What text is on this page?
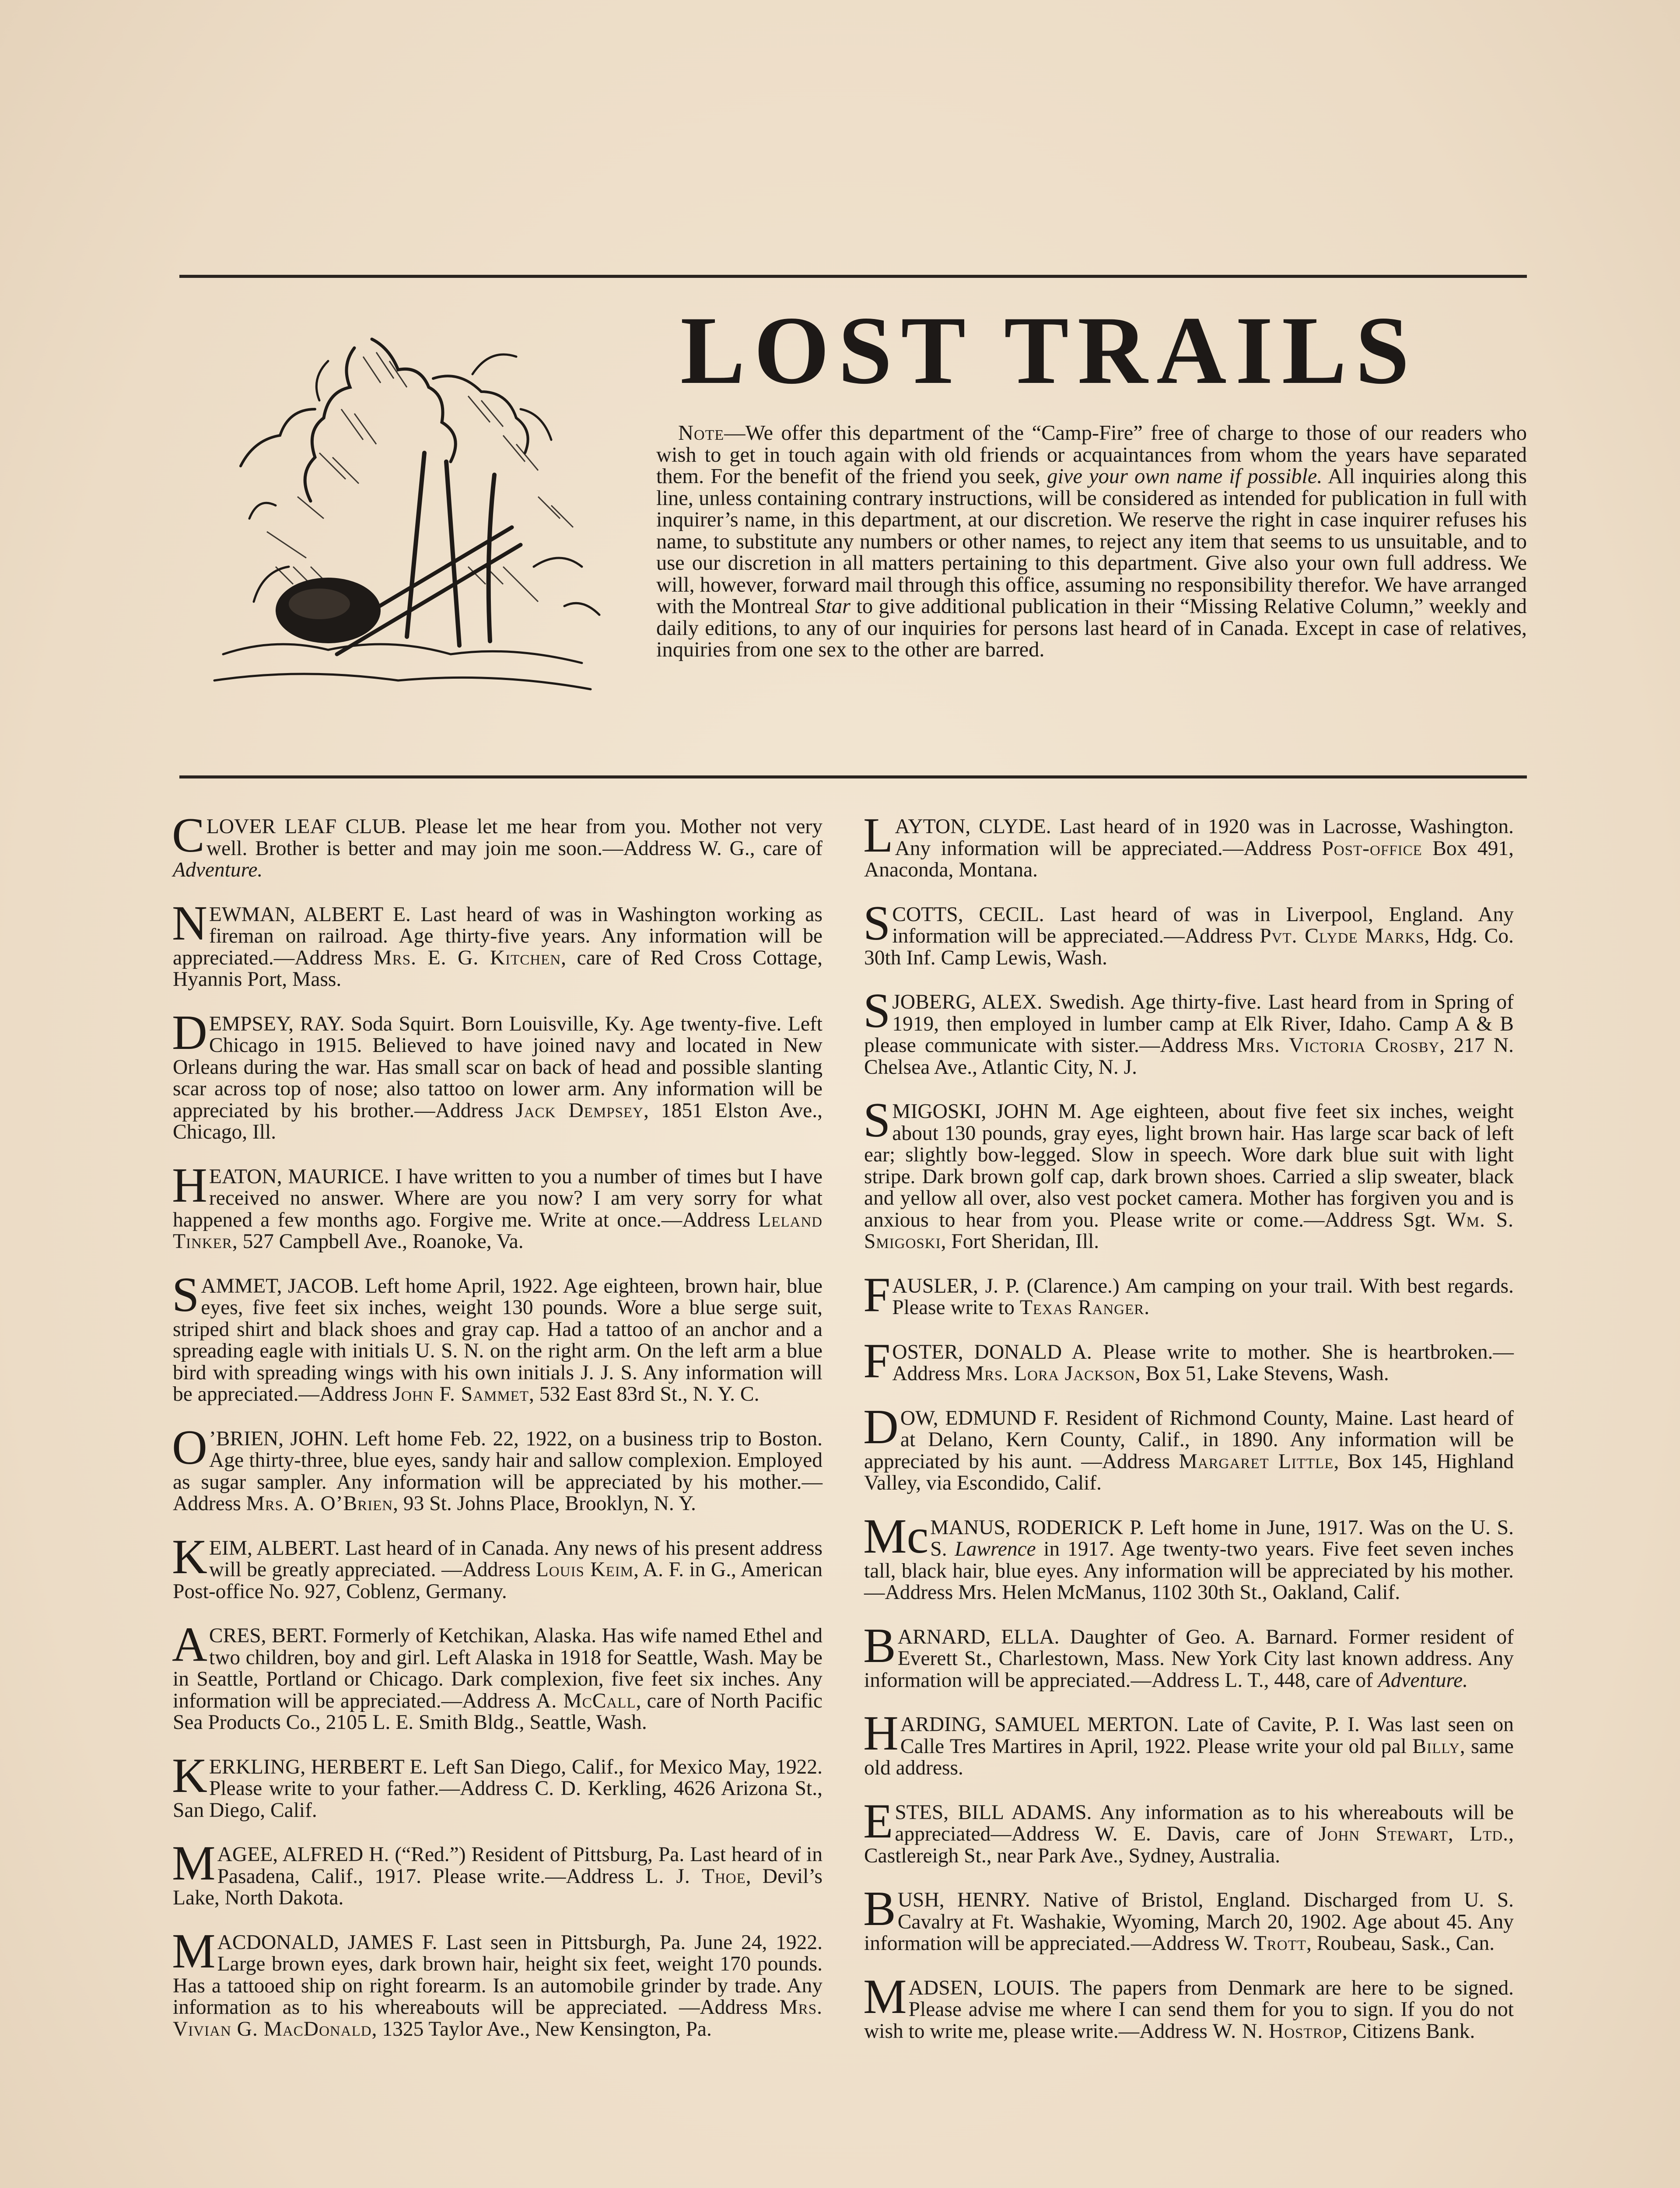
LOST TRAILS

Note—We offer this department of the “Camp-Fire” free of charge to those of our readers who wish to get in touch again with old friends or acquaintances from whom the years have separated them. For the benefit of the friend you seek, give your own name if possible. All inquiries along this line, unless containing contrary instructions, will be considered as intended for publication in full with inquirer’s name, in this department, at our discretion. We reserve the right in case inquirer refuses his name, to substitute any numbers or other names, to reject any item that seems to us unsuitable, and to use our discretion in all matters pertaining to this department. Give also your own full address. We will, however, forward mail through this office, assuming no responsibility therefor. We have arranged with the Montreal Star to give additional publication in their “Missing Relative Column,” weekly and daily editions, to any of our inquiries for persons last heard of in Canada. Except in case of relatives, inquiries from one sex to the other are barred.

CLOVER LEAF CLUB. Please let me hear from you. Mother not very well. Brother is better and may join me soon.—Address W. G., care of Adventure.

NEWMAN, ALBERT E. Last heard of was in Washington working as fireman on railroad. Age thirty-five years. Any information will be appreciated.—Address Mrs. E. G. Kitchen, care of Red Cross Cottage, Hyannis Port, Mass.

DEMPSEY, RAY. Soda Squirt. Born Louisville, Ky. Age twenty-five. Left Chicago in 1915. Believed to have joined navy and located in New Orleans during the war. Has small scar on back of head and possible slanting scar across top of nose; also tattoo on lower arm. Any information will be appreciated by his brother.—Address Jack Dempsey, 1851 Elston Ave., Chicago, Ill.

HEATON, MAURICE. I have written to you a number of times but I have received no answer. Where are you now? I am very sorry for what happened a few months ago. Forgive me. Write at once.—Address Leland Tinker, 527 Campbell Ave., Roanoke, Va.

SAMMET, JACOB. Left home April, 1922. Age eighteen, brown hair, blue eyes, five feet six inches, weight 130 pounds. Wore a blue serge suit, striped shirt and black shoes and gray cap. Had a tattoo of an anchor and a spreading eagle with initials U. S. N. on the right arm. On the left arm a blue bird with spreading wings with his own initials J. J. S. Any information will be appreciated.—Address John F. Sammet, 532 East 83rd St., N. Y. C.

O ’BRIEN, JOHN. Left home Feb. 22, 1922, on a business trip to Boston. Age thirty-three, blue eyes, sandy hair and sallow complexion. Employed as sugar sampler. Any information will be appreciated by his mother.—Address Mrs. A. O’Brien, 93 St. Johns Place, Brooklyn, N. Y.

KEIM, ALBERT. Last heard of in Canada. Any news of his present address will be greatly appreciated. —Address Louis Keim, A. F. in G., American Post-office No. 927, Coblenz, Germany.

ACRES, BERT. Formerly of Ketchikan, Alaska. Has wife named Ethel and two children, boy and girl. Left Alaska in 1918 for Seattle, Wash. May be in Seattle, Portland or Chicago. Dark complexion, five feet six inches. Any information will be appreciated.—Address A. McCall, care of North Pacific Sea Products Co., 2105 L. E. Smith Bldg., Seattle, Wash.

KERKLING, HERBERT E. Left San Diego, Calif., for Mexico May, 1922. Please write to your father.—Address C. D. Kerkling, 4626 Arizona St., San Diego, Calif.

MAGEE, ALFRED H. (“Red.”) Resident of Pittsburg, Pa. Last heard of in Pasadena, Calif., 1917. Please write.—Address L. J. Thoe, Devil’s Lake, North Dakota.

MACDONALD, JAMES F. Last seen in Pittsburgh, Pa. June 24, 1922. Large brown eyes, dark brown hair, height six feet, weight 170 pounds. Has a tattooed ship on right forearm. Is an automobile grinder by trade. Any information as to his whereabouts will be appreciated. —Address Mrs. Vivian G. MacDonald, 1325 Taylor Ave., New Kensington, Pa.

LAYTON, CLYDE. Last heard of in 1920 was in Lacrosse, Washington. Any information will be appreciated.—Address Post-office Box 491, Anaconda, Montana.

SCOTTS, CECIL. Last heard of was in Liverpool, England. Any information will be appreciated.—Address Pvt. Clyde Marks, Hdg. Co. 30th Inf. Camp Lewis, Wash.

SJOBERG, ALEX. Swedish. Age thirty-five. Last heard from in Spring of 1919, then employed in lumber camp at Elk River, Idaho. Camp A & B please communicate with sister.—Address Mrs. Victoria Crosby, 217 N. Chelsea Ave., Atlantic City, N. J.

SMIGOSKI, JOHN M. Age eighteen, about five feet six inches, weight about 130 pounds, gray eyes, light brown hair. Has large scar back of left ear; slightly bow-legged. Slow in speech. Wore dark blue suit with light stripe. Dark brown golf cap, dark brown shoes. Carried a slip sweater, black and yellow all over, also vest pocket camera. Mother has forgiven you and is anxious to hear from you. Please write or come.—Address Sgt. Wm. S. Smigoski, Fort Sheridan, Ill.

FAUSLER, J. P. (Clarence.) Am camping on your trail. With best regards. Please write to Texas Ranger.

FOSTER, DONALD A. Please write to mother. She is heartbroken.—Address Mrs. Lora Jackson, Box 51, Lake Stevens, Wash.

DOW, EDMUND F. Resident of Richmond County, Maine. Last heard of at Delano, Kern County, Calif., in 1890. Any information will be appreciated by his aunt. —Address Margaret Little, Box 145, Highland Valley, via Escondido, Calif.

Mc MANUS, RODERICK P. Left home in June, 1917. Was on the U. S. S. Lawrence in 1917. Age twenty-two years. Five feet seven inches tall, black hair, blue eyes. Any information will be appreciated by his mother. —Address Mrs. Helen McManus, 1102 30th St., Oakland, Calif.

BARNARD, ELLA. Daughter of Geo. A. Barnard. Former resident of Everett St., Charlestown, Mass. New York City last known address. Any information will be appreciated.—Address L. T., 448, care of Adventure.

HARDING, SAMUEL MERTON. Late of Cavite, P. I. Was last seen on Calle Tres Martires in April, 1922. Please write your old pal Billy, same old address.

ESTES, BILL ADAMS. Any information as to his whereabouts will be appreciated—Address W. E. Davis, care of John Stewart, Ltd., Castlereigh St., near Park Ave., Sydney, Australia.

BUSH, HENRY. Native of Bristol, England. Discharged from U. S. Cavalry at Ft. Washakie, Wyoming, March 20, 1902. Age about 45. Any information will be appreciated.—Address W. Trott, Roubeau, Sask., Can.

MADSEN, LOUIS. The papers from Denmark are here to be signed. Please advise me where I can send them for you to sign. If you do not wish to write me, please write.—Address W. N. Hostrop, Citizens Bank.
